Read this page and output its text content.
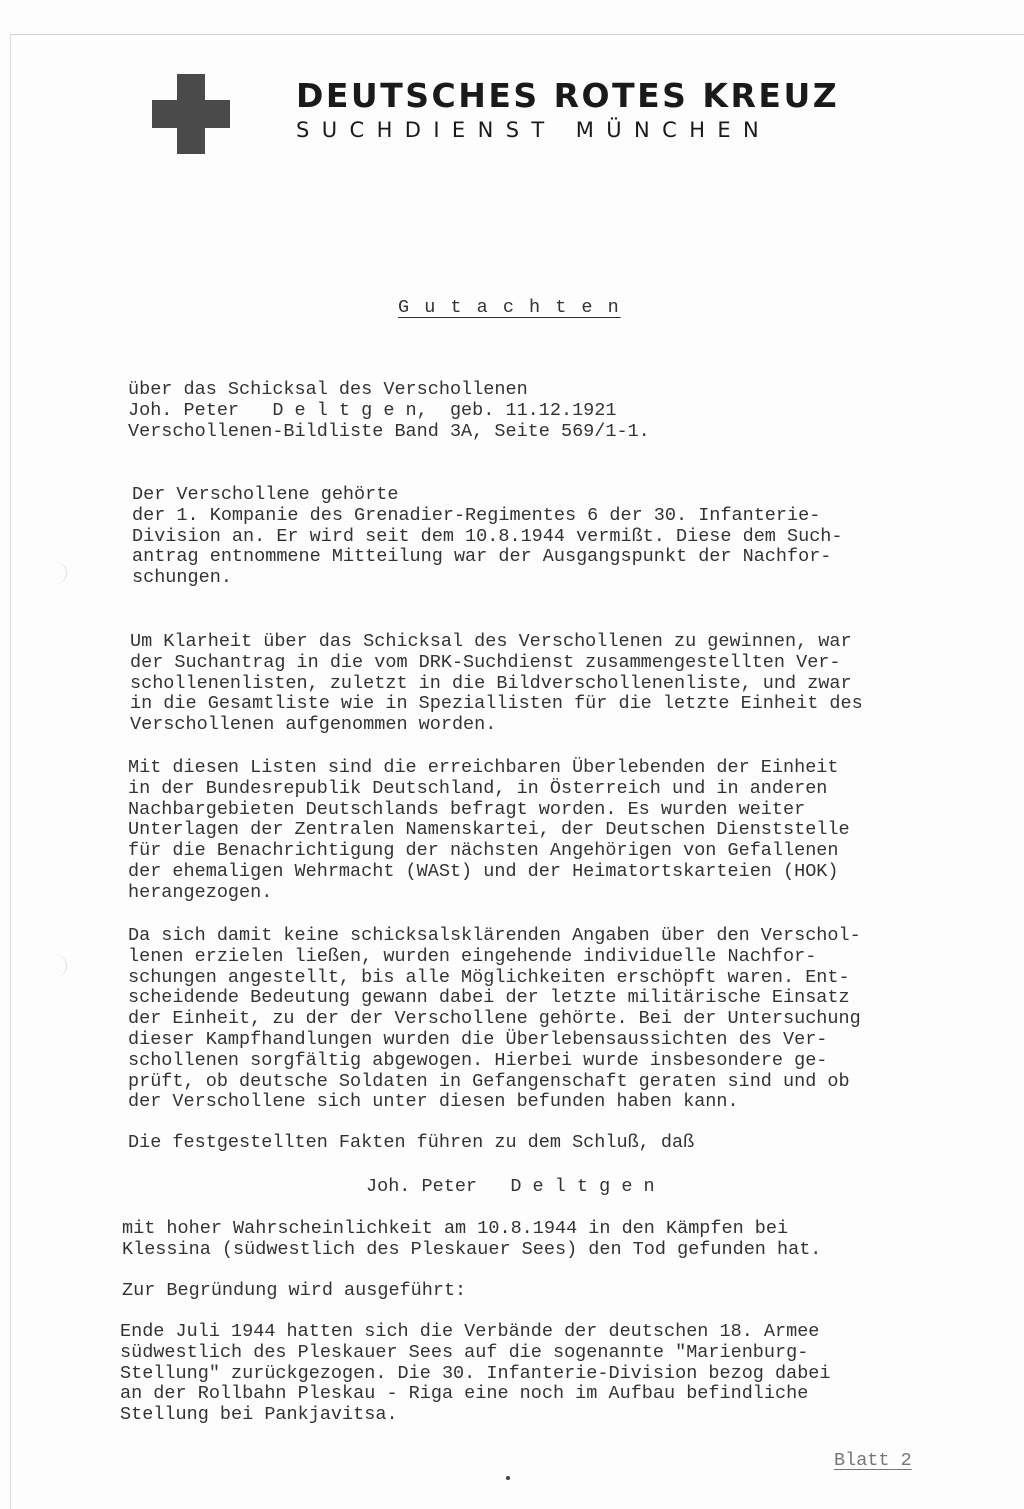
DEUTSCHES ROTES KREUZ
SUCHDIENST MÜNCHEN
G u t a c h t e n
über das Schicksal des Verschollenen
Joh. Peter   D e l t g e n,  geb. 11.12.1921
Verschollenen-Bildliste Band 3A, Seite 569/1-1.
Der Verschollene gehörte
der 1. Kompanie des Grenadier-Regimentes 6 der 30. Infanterie-
Division an. Er wird seit dem 10.8.1944 vermißt. Diese dem Such-
antrag entnommene Mitteilung war der Ausgangspunkt der Nachfor-
schungen.
Um Klarheit über das Schicksal des Verschollenen zu gewinnen, war
der Suchantrag in die vom DRK-Suchdienst zusammengestellten Ver-
schollenenlisten, zuletzt in die Bildverschollenenliste, und zwar
in die Gesamtliste wie in Speziallisten für die letzte Einheit des
Verschollenen aufgenommen worden.
Mit diesen Listen sind die erreichbaren Überlebenden der Einheit
in der Bundesrepublik Deutschland, in Österreich und in anderen
Nachbargebieten Deutschlands befragt worden. Es wurden weiter
Unterlagen der Zentralen Namenskartei, der Deutschen Dienststelle
für die Benachrichtigung der nächsten Angehörigen von Gefallenen
der ehemaligen Wehrmacht (WASt) und der Heimatortskarteien (HOK)
herangezogen.
Da sich damit keine schicksalsklärenden Angaben über den Verschol-
lenen erzielen ließen, wurden eingehende individuelle Nachfor-
schungen angestellt, bis alle Möglichkeiten erschöpft waren. Ent-
scheidende Bedeutung gewann dabei der letzte militärische Einsatz
der Einheit, zu der der Verschollene gehörte. Bei der Untersuchung
dieser Kampfhandlungen wurden die Überlebensaussichten des Ver-
schollenen sorgfältig abgewogen. Hierbei wurde insbesondere ge-
prüft, ob deutsche Soldaten in Gefangenschaft geraten sind und ob
der Verschollene sich unter diesen befunden haben kann.
Die festgestellten Fakten führen zu dem Schluß, daß
Joh. Peter   D e l t g e n
mit hoher Wahrscheinlichkeit am 10.8.1944 in den Kämpfen bei
Klessina (südwestlich des Pleskauer Sees) den Tod gefunden hat.
Zur Begründung wird ausgeführt:
Ende Juli 1944 hatten sich die Verbände der deutschen 18. Armee
südwestlich des Pleskauer Sees auf die sogenannte "Marienburg-
Stellung" zurückgezogen. Die 30. Infanterie-Division bezog dabei
an der Rollbahn Pleskau - Riga eine noch im Aufbau befindliche
Stellung bei Pankjavitsa.
Blatt 2
